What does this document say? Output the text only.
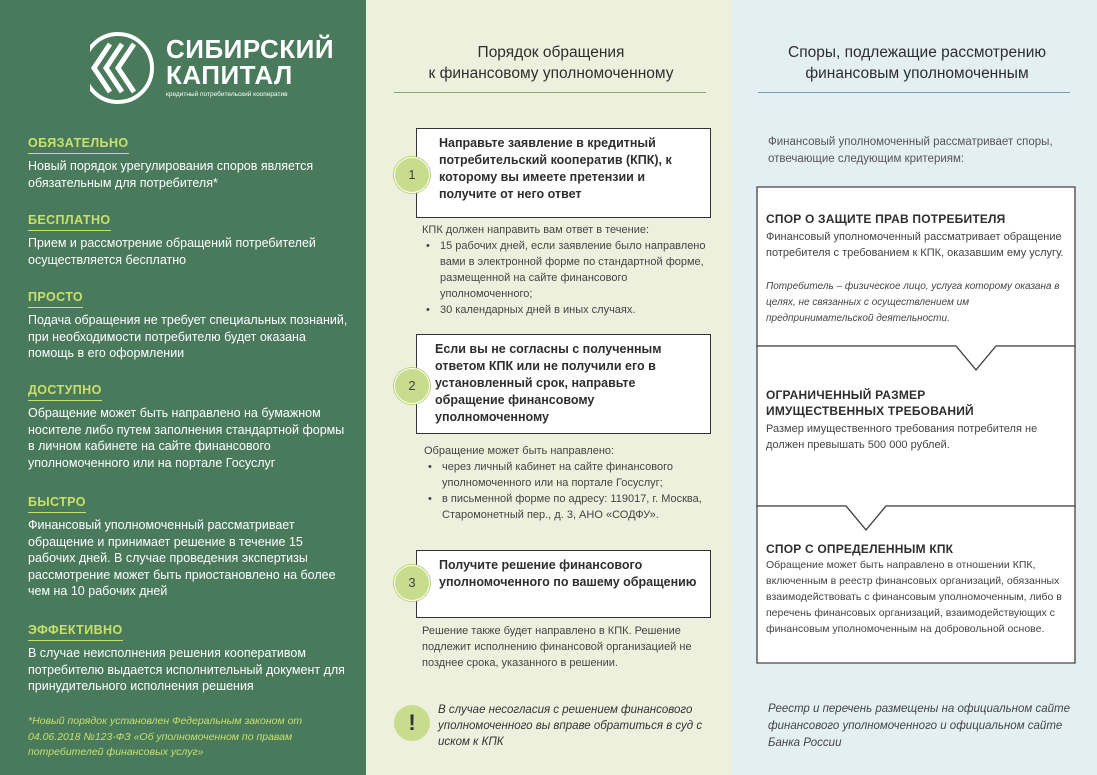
СИБИРСКИЙ
КАПИТАЛ
кредитный потребительский кооператив
ОБЯЗАТЕЛЬНО
Новый порядок урегулирования споров является обязательным для потребителя*
БЕСПЛАТНО
Прием и рассмотрение обращений потребителей осуществляется бесплатно
ПРОСТО
Подача обращения не требует специальных познаний, при необходимости потребителю будет оказана помощь в его оформлении
ДОСТУПНО
Обращение может быть направлено на бумажном носителе либо путем заполнения стандартной формы в личном кабинете на сайте финансового уполномоченного или на портале Госуслуг
БЫСТРО
Финансовый уполномоченный рассматривает обращение и принимает решение в течение 15 рабочих дней. В случае проведения экспертизы рассмотрение может быть приостановлено на более чем на 10 рабочих дней
ЭФФЕКТИВНО
В случае неисполнения решения кооперативом потребителю выдается исполнительный документ для принудительного исполнения решения
*Новый порядок установлен Федеральным законом от 04.06.2018 №123-ФЗ «Об уполномоченном по правам потребителей финансовых услуг»
Порядок обращения
к финансовому уполномоченному
Направьте заявление в кредитный потребительский кооператив (КПК), к которому вы имеете претензии и получите от него ответ
1
КПК должен направить вам ответ в течение:
• 15 рабочих дней, если заявление было направлено вами в электронной форме по стандартной форме, размещенной на сайте финансового уполномоченного;
• 30 календарных дней в иных случаях.
Если вы не согласны с полученным ответом КПК или не получили его в установленный срок, направьте обращение финансовому уполномоченному
2
Обращение может быть направлено:
• через личный кабинет на сайте финансового уполномоченного или на портале Госуслуг;
• в письменной форме по адресу: 119017, г. Москва, Старомонетный пер., д. 3, АНО «СОДФУ».
Получите решение финансового уполномоченного по вашему обращению
3
Решение также будет направлено в КПК. Решение подлежит исполнению финансовой организацией не позднее срока, указанного в решении.
!	В случае несогласия с решением финансового уполномоченного вы вправе обратиться в суд с иском к КПК
Споры, подлежащие рассмотрению
финансовым уполномоченным
Финансовый уполномоченный рассматривает споры, отвечающие следующим критериям:
СПОР О ЗАЩИТЕ ПРАВ ПОТРЕБИТЕЛЯ
Финансовый уполномоченный рассматривает обращение потребителя с требованием к КПК, оказавшим ему услугу.
Потребитель – физическое лицо, услуга которому оказана в целях, не связанных с осуществлением им предпринимательской деятельности.
ОГРАНИЧЕННЫЙ РАЗМЕР
ИМУЩЕСТВЕННЫХ ТРЕБОВАНИЙ
Размер имущественного требования потребителя не должен превышать 500 000 рублей.
СПОР С ОПРЕДЕЛЕННЫМ КПК
Обращение может быть направлено в отношении КПК, включенным в реестр финансовых организаций, обязанных взаимодействовать с финансовым уполномоченным, либо в перечень финансовых организаций, взаимодействующих с финансовым уполномоченным на добровольной основе.
Реестр и перечень размещены на официальном сайте финансового уполномоченного и официальном сайте Банка России
